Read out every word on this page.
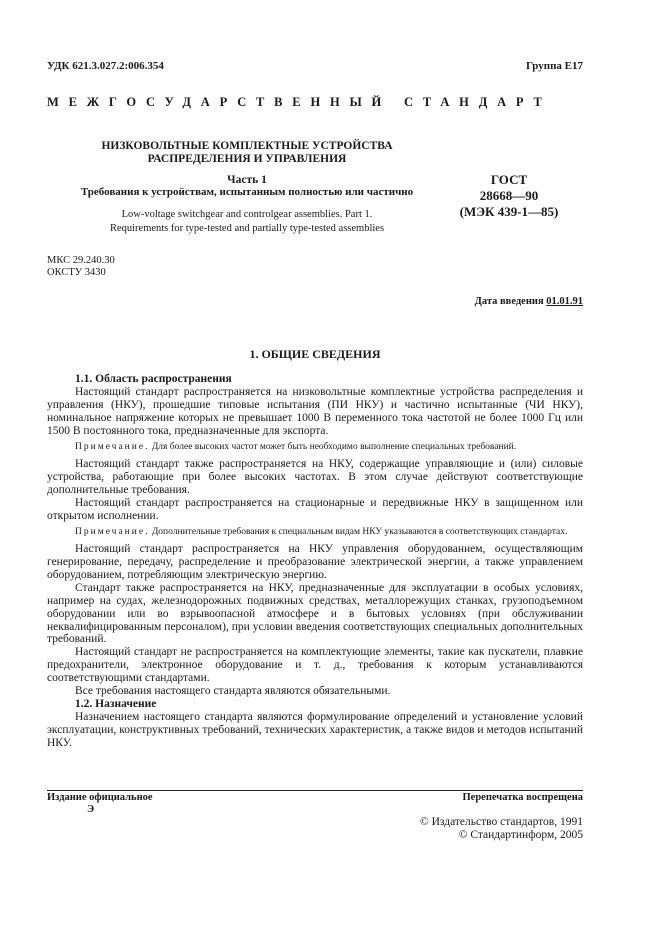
УДК 621.3.027.2:006.354	Группа Е17
МЕЖГОСУДАРСТВЕННЫЙ СТАНДАРТ
НИЗКОВОЛЬТНЫЕ КОМПЛЕКТНЫЕ УСТРОЙСТВА
РАСПРЕДЕЛЕНИЯ И УПРАВЛЕНИЯ
Часть 1
Требования к устройствам, испытанным полностью или частично
Low-voltage switchgear and controlgear assemblies. Part 1.
Requirements for type-tested and partially type-tested assemblies
ГОСТ
28668—90
(МЭК 439-1—85)
МКС 29.240.30
ОКСТУ 3430
Дата введения 01.01.91
1. ОБЩИЕ СВЕДЕНИЯ

1.1. Область распространения

Настоящий стандарт распространяется на низковольтные комплектные устройства распределения и управления (НКУ), прошедшие типовые испытания (ПИ НКУ) и частично испытанные (ЧИ НКУ), номинальное напряжение которых не превышает 1000 В переменного тока частотой не более 1000 Гц или 1500 В постоянного тока, предназначенные для экспорта.

Примечание. Для более высоких частот может быть необходимо выполнение специальных требований.

Настоящий стандарт также распространяется на НКУ, содержащие управляющие и (или) силовые устройства, работающие при более высоких частотах. В этом случае действуют соответствующие дополнительные требования.

Настоящий стандарт распространяется на стационарные и передвижные НКУ в защищенном или открытом исполнении.

Примечание. Дополнительные требования к специальным видам НКУ указываются в соответствующих стандартах.

Настоящий стандарт распространяется на НКУ управления оборудованием, осуществляющим генерирование, передачу, распределение и преобразование электрической энергии, а также управлением оборудованием, потребляющим электрическую энергию.

Стандарт также распространяется на НКУ, предназначенные для эксплуатации в особых условиях, например на судах, железнодорожных подвижных средствах, металлорежущих станках, грузоподъемном оборудовании или во взрывоопасной атмосфере и в бытовых условиях (при обслуживании неквалифицированным персоналом), при условии введения соответствующих специальных дополнительных требований.

Настоящий стандарт не распространяется на комплектующие элементы, такие как пускатели, плавкие предохранители, электронное оборудование и т. д., требования к которым устанавливаются соответствующими стандартами.

Все требования настоящего стандарта являются обязательными.

1.2. Назначение

Назначением настоящего стандарта являются формулирование определений и установление условий эксплуатации, конструктивных требований, технических характеристик, а также видов и методов испытаний НКУ.

Издание официальное
Э
Перепечатка воспрещена
© Издательство стандартов, 1991
© Стандартинформ, 2005
